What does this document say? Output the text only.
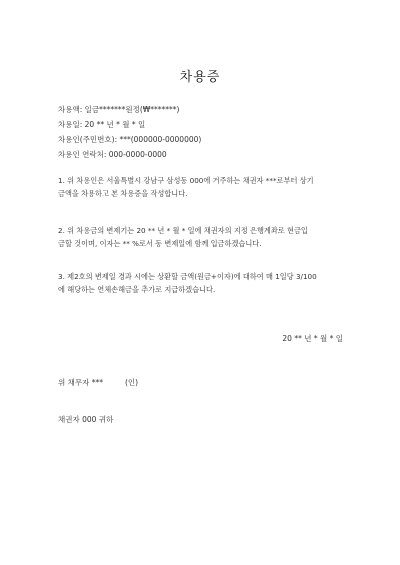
차용증
차용액: 일금*******원정(₩*******)
차용일: 20 ** 년 * 월 * 일
차용인(주민번호): ***(000000-0000000)
차용인 연락처: 000-0000-0000
1. 위 차용인은 서울특별시 강남구 삼성동 000에 거주하는 채권자 ***로부터 상기
금액을 차용하고 본 차용증을 작성합니다.
2. 위 차용금의 변제기는 20 ** 년 * 월 * 일에 채권자의 지정 은행계좌로 현금입
금할 것이며, 이자는 ** %로서 동 변제일에 함께 입금하겠습니다.
3. 제2호의 변제일 경과 시에는 상환할 금액(원금+이자)에 대하여 매 1일당 3/100
에 해당하는 연체손해금을 추가로 지급하겠습니다.
20 ** 년 * 월 * 일
위 채무자 ***	(인)
채권자 000 귀하
